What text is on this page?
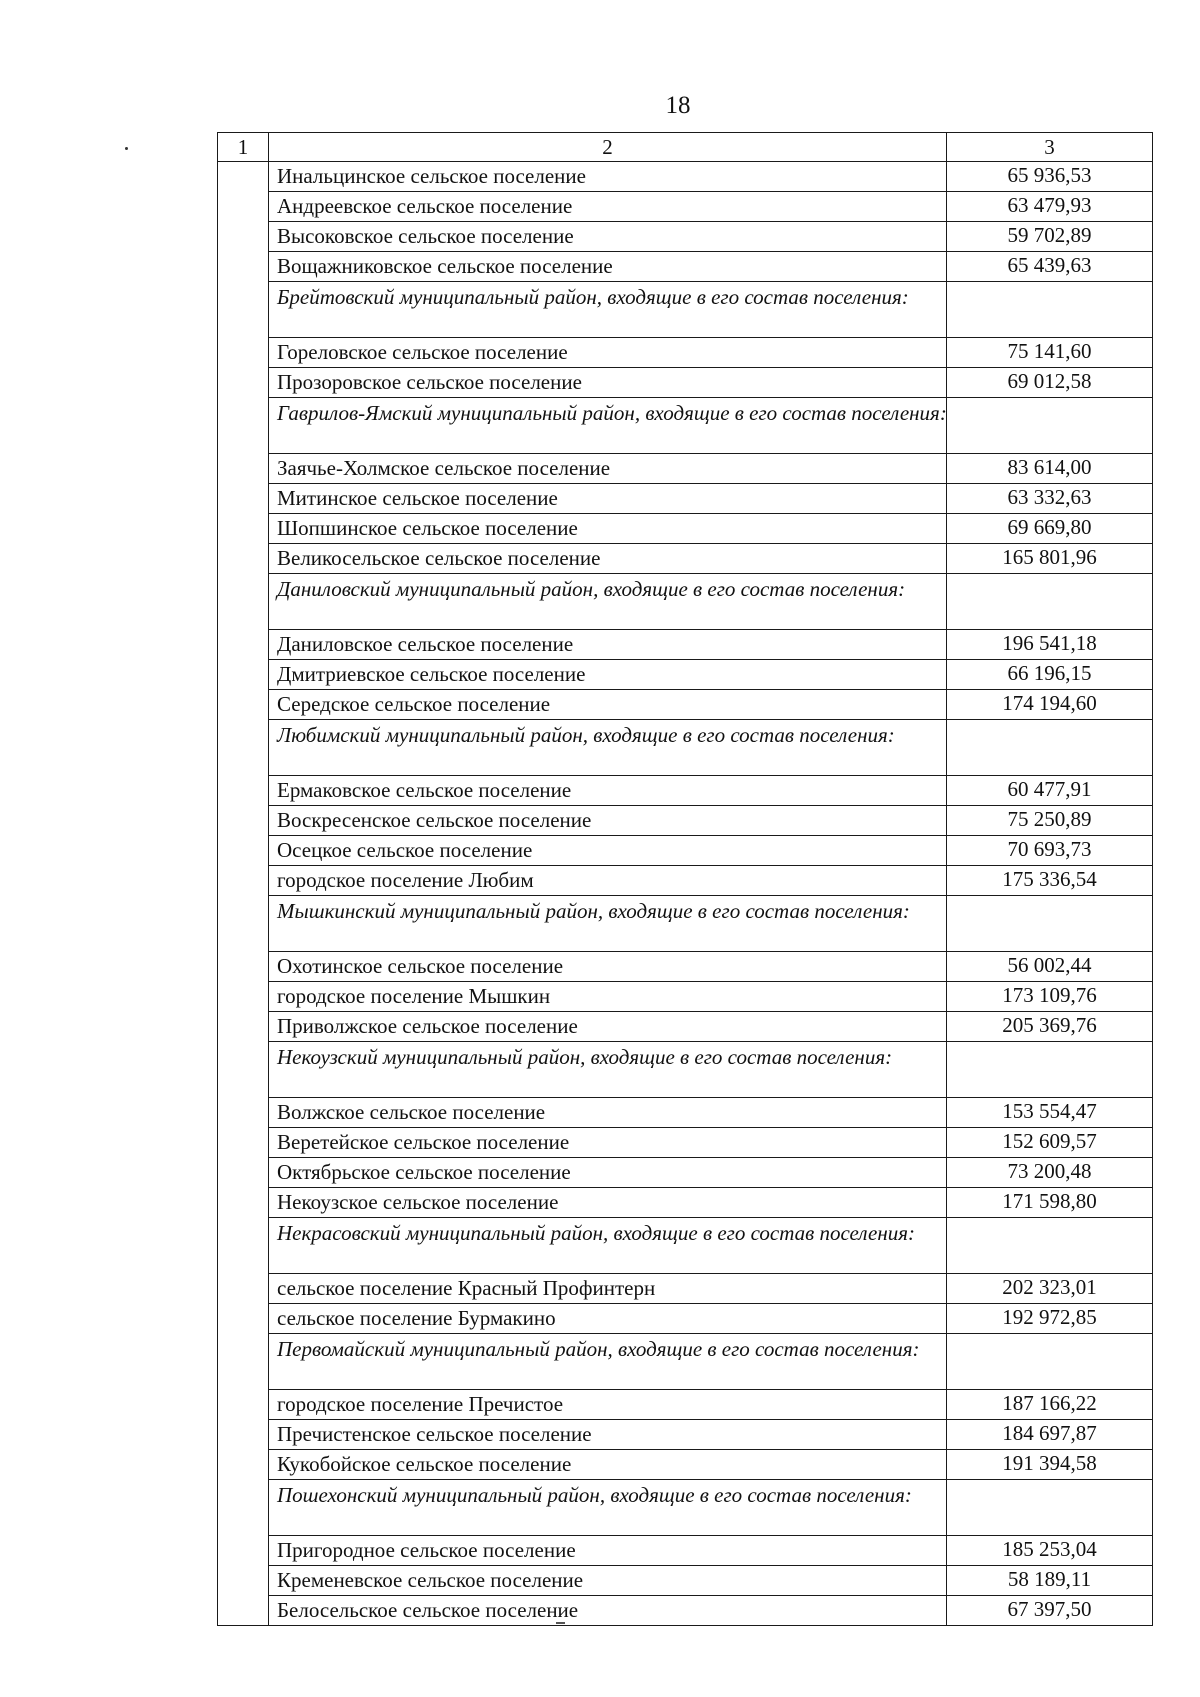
18
1	2	3
	Инальцинское сельское поселение	65 936,53
	Андреевское сельское поселение	63 479,93
	Высоковское сельское поселение	59 702,89
	Вощажниковское сельское поселение	65 439,63
	Брейтовский муниципальный район, входящие в его состав поселения:	
	Гореловское сельское поселение	75 141,60
	Прозоровское сельское поселение	69 012,58
	Гаврилов-Ямский муниципальный район, входящие в его состав поселения:	
	Заячье-Холмское сельское поселение	83 614,00
	Митинское сельское поселение	63 332,63
	Шопшинское сельское поселение	69 669,80
	Великосельское сельское поселение	165 801,96
	Даниловский муниципальный район, входящие в его состав поселения:	
	Даниловское сельское поселение	196 541,18
	Дмитриевское сельское поселение	66 196,15
	Середское сельское поселение	174 194,60
	Любимский муниципальный район, входящие в его состав поселения:	
	Ермаковское сельское поселение	60 477,91
	Воскресенское сельское поселение	75 250,89
	Осецкое сельское поселение	70 693,73
	городское поселение Любим	175 336,54
	Мышкинский муниципальный район, входящие в его состав поселения:	
	Охотинское сельское поселение	56 002,44
	городское поселение Мышкин	173 109,76
	Приволжское сельское поселение	205 369,76
	Некоузский муниципальный район, входящие в его состав поселения:	
	Волжское сельское поселение	153 554,47
	Веретейское сельское поселение	152 609,57
	Октябрьское сельское поселение	73 200,48
	Некоузское сельское поселение	171 598,80
	Некрасовский муниципальный район, входящие в его состав поселения:	
	сельское поселение Красный Профинтерн	202 323,01
	сельское поселение Бурмакино	192 972,85
	Первомайский муниципальный район, входящие в его состав поселения:	
	городское поселение Пречистое	187 166,22
	Пречистенское сельское поселение	184 697,87
	Кукобойское сельское поселение	191 394,58
	Пошехонский муниципальный район, входящие в его состав поселения:	
	Пригородное сельское поселение	185 253,04
	Кременевское сельское поселение	58 189,11
	Белосельское сельское поселение	67 397,50
